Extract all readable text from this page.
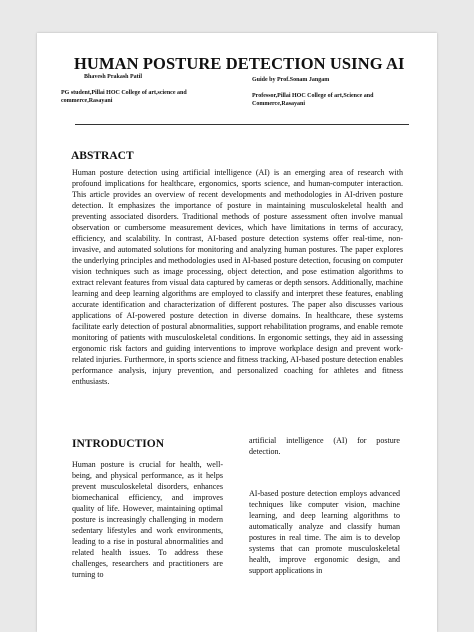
HUMAN POSTURE DETECTION USING AI
Bhavesh Prakash Patil
PG student,Pillai HOC College of art,science and commerce,Rasayani
Guide by Prof.Sonam Jangam
Professor,Pillai HOC College of art,Science and Commerce,Rasayani
ABSTRACT

Human posture detection using artificial intelligence (AI) is an emerging area of research with profound implications for healthcare, ergonomics, sports science, and human-computer interaction. This article provides an overview of recent developments and methodologies in AI-driven posture detection. It emphasizes the importance of posture in maintaining musculoskeletal health and preventing associated disorders. Traditional methods of posture assessment often involve manual observation or cumbersome measurement devices, which have limitations in terms of accuracy, efficiency, and scalability. In contrast, AI-based posture detection systems offer real-time, non-invasive, and automated solutions for monitoring and analyzing human postures. The paper explores the underlying principles and methodologies used in AI-based posture detection, focusing on computer vision techniques such as image processing, object detection, and pose estimation algorithms to extract relevant features from visual data captured by cameras or depth sensors. Additionally, machine learning and deep learning algorithms are employed to classify and interpret these features, enabling accurate identification and characterization of different postures. The paper also discusses various applications of AI-powered posture detection in diverse domains. In healthcare, these systems facilitate early detection of postural abnormalities, support rehabilitation programs, and enable remote monitoring of patients with musculoskeletal conditions. In ergonomic settings, they aid in assessing ergonomic risk factors and guiding interventions to improve workplace design and prevent work-related injuries. Furthermore, in sports science and fitness tracking, AI-based posture detection enables performance analysis, injury prevention, and personalized coaching for athletes and fitness enthusiasts.

INTRODUCTION

Human posture is crucial for health, well-being, and physical performance, as it helps prevent musculoskeletal disorders, enhances biomechanical efficiency, and improves quality of life. However, maintaining optimal posture is increasingly challenging in modern sedentary lifestyles and work environments, leading to a rise in postural abnormalities and related health issues. To address these challenges, researchers and practitioners are turning to

artificial intelligence (AI) for posture detection.

AI-based posture detection employs advanced techniques like computer vision, machine learning, and deep learning algorithms to automatically analyze and classify human postures in real time. The aim is to develop systems that can promote musculoskeletal health, improve ergonomic design, and support applications in
